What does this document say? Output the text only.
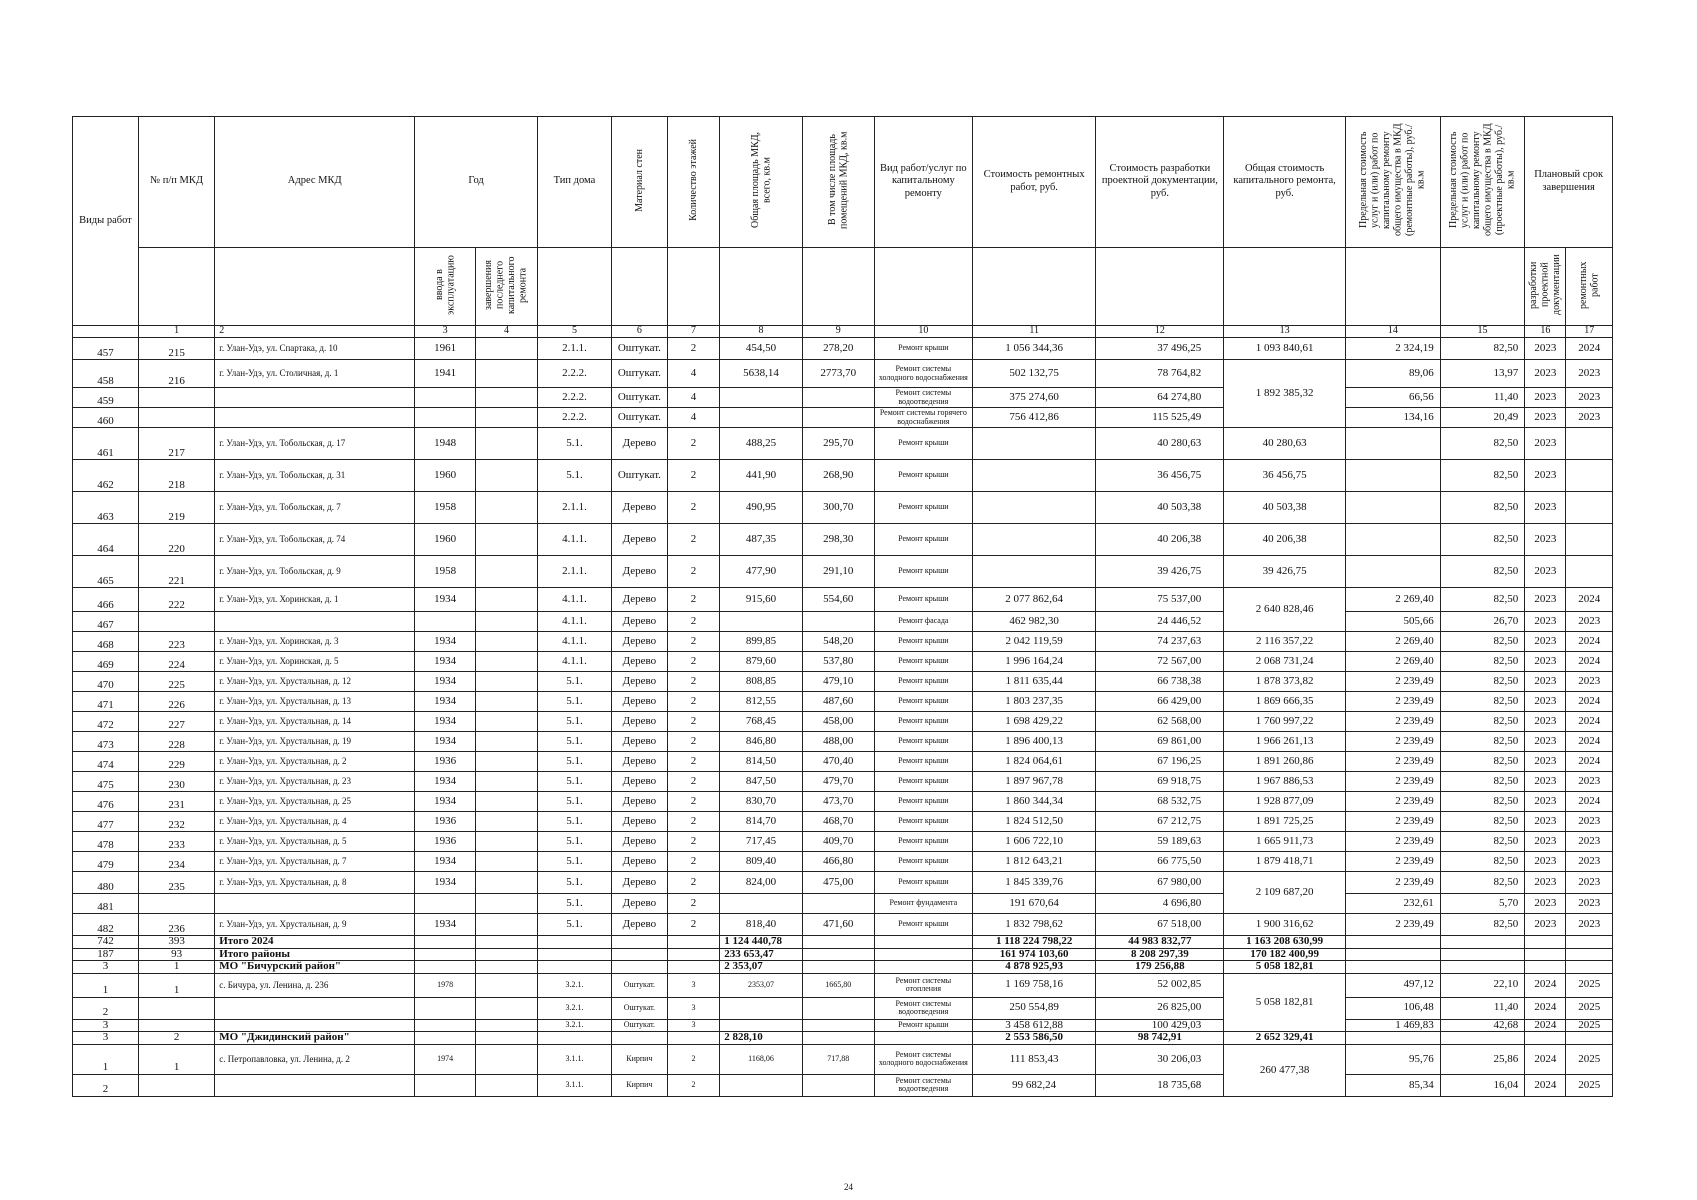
Виды работ	№ п/п МКД	Адрес МКД	Год		Тип дома	Материал стен	Количество этажей	Общая площадь МКД, всего, кв.м	В том числе площадь помещений МКД, кв.м	Вид работ/услуг по капитальному ремонту	Стоимость ремонтных работ, руб.	Стоимость разработки проектной документации, руб.	Общая стоимость капитального ремонта, руб.	Предельная стоимость услуг и (или) работ по капитальному ремонту общего имущества в МКД (ремонтные работы), руб./кв.м	Предельная стоимость услуг и (или) работ по капитальному ремонту общего имущества в МКД (проектные работы), руб./кв.м	Плановый срок завершения	
			ввода в эксплуатацию	завершения последнего капитального ремонта												разработки проектной документации	ремонтных работ
	1	2	3	4	5	6	7	8	9	10	11	12	13	14	15	16	17
457	215	г. Улан-Удэ, ул. Спартака, д. 10	1961		2.1.1.	Оштукат.	2	454,50	278,20	Ремонт крыши	1 056 344,36	37 496,25	1 093 840,61	2 324,19	82,50	2023	2024
458	216	г. Улан-Удэ, ул. Столичная, д. 1	1941		2.2.2.	Оштукат.	4	5638,14	2773,70	Ремонт системы холодного водоснабжения	502 132,75	78 764,82	1 892 385,32	89,06	13,97	2023	2023
459					2.2.2.	Оштукат.	4			Ремонт системы водоотведения	375 274,60	64 274,80		66,56	11,40	2023	2023
460					2.2.2.	Оштукат.	4			Ремонт системы горячего водоснабжения	756 412,86	115 525,49		134,16	20,49	2023	2023
461	217	г. Улан-Удэ, ул. Тобольская, д. 17	1948		5.1.	Дерево	2	488,25	295,70	Ремонт крыши		40 280,63	40 280,63		82,50	2023	
462	218	г. Улан-Удэ, ул. Тобольская, д. 31	1960		5.1.	Оштукат.	2	441,90	268,90	Ремонт крыши		36 456,75	36 456,75		82,50	2023	
463	219	г. Улан-Удэ, ул. Тобольская, д. 7	1958		2.1.1.	Дерево	2	490,95	300,70	Ремонт крыши		40 503,38	40 503,38		82,50	2023	
464	220	г. Улан-Удэ, ул. Тобольская, д. 74	1960		4.1.1.	Дерево	2	487,35	298,30	Ремонт крыши		40 206,38	40 206,38		82,50	2023	
465	221	г. Улан-Удэ, ул. Тобольская, д. 9	1958		2.1.1.	Дерево	2	477,90	291,10	Ремонт крыши		39 426,75	39 426,75		82,50	2023	
466	222	г. Улан-Удэ, ул. Хоринская, д. 1	1934		4.1.1.	Дерево	2	915,60	554,60	Ремонт крыши	2 077 862,64	75 537,00	2 640 828,46	2 269,40	82,50	2023	2024
467					4.1.1.	Дерево	2			Ремонт фасада	462 982,30	24 446,52		505,66	26,70	2023	2023
468	223	г. Улан-Удэ, ул. Хоринская, д. 3	1934		4.1.1.	Дерево	2	899,85	548,20	Ремонт крыши	2 042 119,59	74 237,63	2 116 357,22	2 269,40	82,50	2023	2024
469	224	г. Улан-Удэ, ул. Хоринская, д. 5	1934		4.1.1.	Дерево	2	879,60	537,80	Ремонт крыши	1 996 164,24	72 567,00	2 068 731,24	2 269,40	82,50	2023	2024
470	225	г. Улан-Удэ, ул. Хрустальная, д. 12	1934		5.1.	Дерево	2	808,85	479,10	Ремонт крыши	1 811 635,44	66 738,38	1 878 373,82	2 239,49	82,50	2023	2023
471	226	г. Улан-Удэ, ул. Хрустальная, д. 13	1934		5.1.	Дерево	2	812,55	487,60	Ремонт крыши	1 803 237,35	66 429,00	1 869 666,35	2 239,49	82,50	2023	2024
472	227	г. Улан-Удэ, ул. Хрустальная, д. 14	1934		5.1.	Дерево	2	768,45	458,00	Ремонт крыши	1 698 429,22	62 568,00	1 760 997,22	2 239,49	82,50	2023	2024
473	228	г. Улан-Удэ, ул. Хрустальная, д. 19	1934		5.1.	Дерево	2	846,80	488,00	Ремонт крыши	1 896 400,13	69 861,00	1 966 261,13	2 239,49	82,50	2023	2024
474	229	г. Улан-Удэ, ул. Хрустальная, д. 2	1936		5.1.	Дерево	2	814,50	470,40	Ремонт крыши	1 824 064,61	67 196,25	1 891 260,86	2 239,49	82,50	2023	2024
475	230	г. Улан-Удэ, ул. Хрустальная, д. 23	1934		5.1.	Дерево	2	847,50	479,70	Ремонт крыши	1 897 967,78	69 918,75	1 967 886,53	2 239,49	82,50	2023	2023
476	231	г. Улан-Удэ, ул. Хрустальная, д. 25	1934		5.1.	Дерево	2	830,70	473,70	Ремонт крыши	1 860 344,34	68 532,75	1 928 877,09	2 239,49	82,50	2023	2024
477	232	г. Улан-Удэ, ул. Хрустальная, д. 4	1936		5.1.	Дерево	2	814,70	468,70	Ремонт крыши	1 824 512,50	67 212,75	1 891 725,25	2 239,49	82,50	2023	2023
478	233	г. Улан-Удэ, ул. Хрустальная, д. 5	1936		5.1.	Дерево	2	717,45	409,70	Ремонт крыши	1 606 722,10	59 189,63	1 665 911,73	2 239,49	82,50	2023	2023
479	234	г. Улан-Удэ, ул. Хрустальная, д. 7	1934		5.1.	Дерево	2	809,40	466,80	Ремонт крыши	1 812 643,21	66 775,50	1 879 418,71	2 239,49	82,50	2023	2023
480	235	г. Улан-Удэ, ул. Хрустальная, д. 8	1934		5.1.	Дерево	2	824,00	475,00	Ремонт крыши	1 845 339,76	67 980,00	2 109 687,20	2 239,49	82,50	2023	2023
481					5.1.	Дерево	2			Ремонт фундамента	191 670,64	4 696,80		232,61	5,70	2023	2023
482	236	г. Улан-Удэ, ул. Хрустальная, д. 9	1934		5.1.	Дерево	2	818,40	471,60	Ремонт крыши	1 832 798,62	67 518,00	1 900 316,62	2 239,49	82,50	2023	2023
742	393	Итого 2024						1 124 440,78			1 118 224 798,22	44 983 832,77	1 163 208 630,99				
187	93	Итого районы						233 653,47			161 974 103,60	8 208 297,39	170 182 400,99				
3	1	МО "Бичурский район"						2 353,07			4 878 925,93	179 256,88	5 058 182,81				
1	1	с. Бичура, ул. Ленина, д. 236	1978		3.2.1.	Оштукат.	3	2353,07	1665,80	Ремонт системы отопления	1 169 758,16	52 002,85	5 058 182,81	497,12	22,10	2024	2025
2					3.2.1.	Оштукат.	3			Ремонт системы водоотведения	250 554,89	26 825,00		106,48	11,40	2024	2025
3					3.2.1.	Оштукат.	3			Ремонт крыши	3 458 612,88	100 429,03		1 469,83	42,68	2024	2025
3	2	МО "Джидинский район"						2 828,10			2 553 586,50	98 742,91	2 652 329,41				
1	1	с. Петропавловка, ул. Ленина, д. 2	1974		3.1.1.	Кирпич	2	1168,06	717,88	Ремонт системы холодного водоснабжения	111 853,43	30 206,03	260 477,38	95,76	25,86	2024	2025
2					3.1.1.	Кирпич	2			Ремонт системы водоотведения	99 682,24	18 735,68		85,34	16,04	2024	2025
24
